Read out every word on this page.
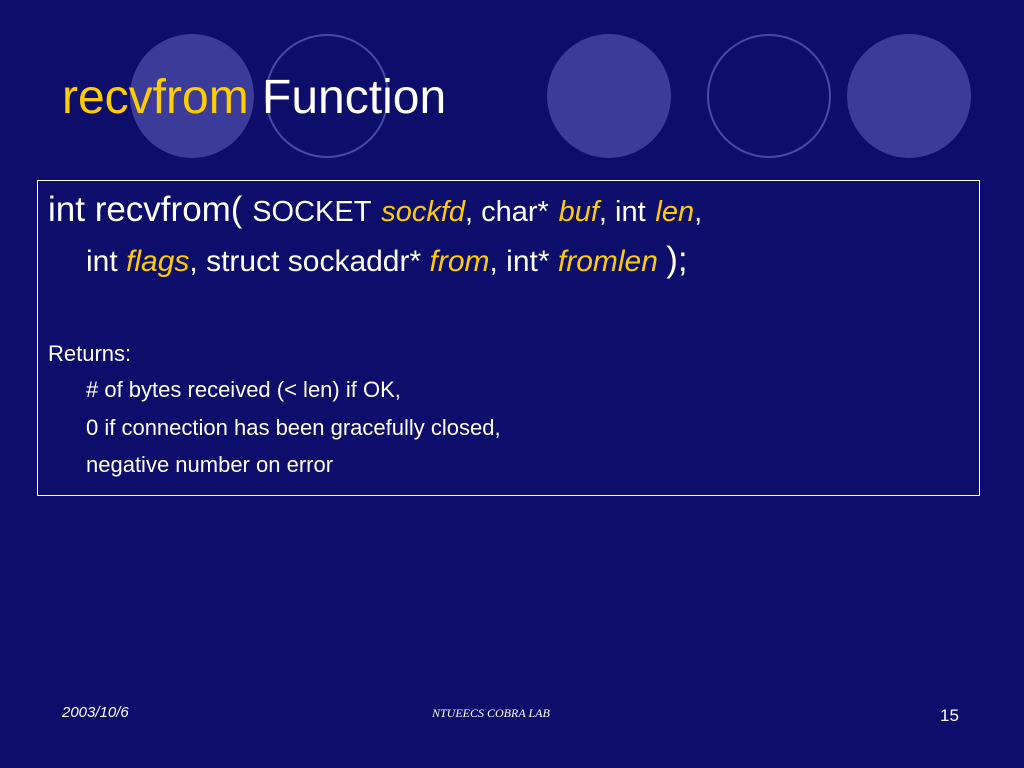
recvfrom Function
int recvfrom( SOCKET sockfd, char* buf, int len,
int flags, struct sockaddr* from, int* fromlen );
Returns:
# of bytes received (< len) if OK,
0 if connection has been gracefully closed,
negative number on error
2003/10/6	NTUEECS COBRA LAB	15
